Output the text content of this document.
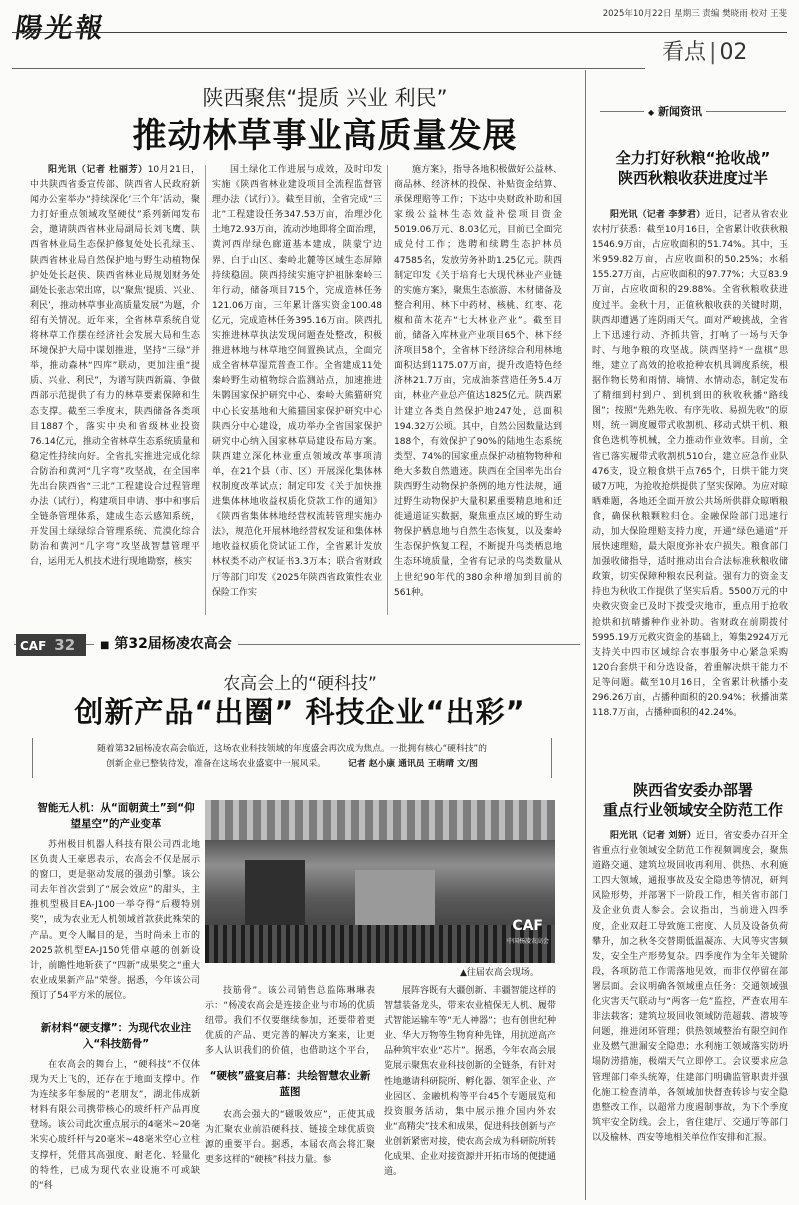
陽光報	2025年10月22日 星期三 责编 樊晓雨 校对 王斐
看点 | 02
陕西聚焦“提质 兴业 利民”
推动林草事业高质量发展
阳光讯（记者 杜丽芳）10月21日，中共陕西省委宣传部、陕西省人民政府新闻办公室举办“持续深化‘三个年’活动，聚力打好重点领域攻坚硬仗”系列新闻发布会，邀请陕西省林业局副局长刘飞鹰、陕西省林业局生态保护修复处处长孔绿玉、陕西省林业局自然保护地与野生动植物保护处处长赵侠、陕西省林业局规划财务处副处长张志荣出席，以“聚焦‘提质、兴业、利民’，推动林草事业高质量发展”为题，介绍有关情况。近年来，全省林草系统自觉将林草工作摆在经济社会发展大局和生态环境保护大局中谋划推进，坚持“三绿”并举，推动森林“四库”联动，更加注重“提质、兴业、利民”，为谱写陕西新篇、争做西部示范提供了有力的林草要素保障和生态支撑。截至三季度末，陕西储备各类项目1887个，落实中央和省级林业投资76.14亿元，推动全省林草生态系统质量和稳定性持续向好。全省扎实推进完成化综合防治和黄河“几字弯”攻坚战，在全国率先出台陕西省“三北”工程建设合过程管理办法（试行），构建项目申请、事中和事后全链条管理体系，建成生态云感知系统，开发国土绿绿综合管理系统、荒漠化综合防治和黄河“几字弯”攻坚战智慧管理平台，运用无人机技术进行现地勘察，核实
国土绿化工作进展与成效，及时印发实施《陕西省林业建设项目全流程监督管理办法（试行）》。截至目前，全省完成“三北”工程建设任务347.53万亩，治理沙化土地72.93万亩，流动沙地即将全面治理，黄河西岸绿色廊道基本建成，陕蒙宁边界、白于山区、秦岭北麓等区域生态屏障持续稳固。陕西持续实施守护祖脉秦岭三年行动，储备项目715个，完成造林任务121.06万亩，三年累计落实资金100.48亿元，完成造林任务395.16万亩。陕西扎实推进林草执法发现问题查处整改，积极推进林地与林草地空间置换试点，全面完成全省林草湿荒普查工作。全省建成11处秦岭野生动植物综合监测站点，加速推进朱鹮国家保护研究中心、秦岭大熊猫研究中心长安基地和大熊猫国家保护研究中心陕西分中心建设，成功举办全省国家保护研究中心纳入国家林草局建设布局方案。陕西建立深化林业重点领域改革事项清单，在21个县（市、区）开展深化集体林权制度改革试点；制定印发《关于加快推进集体林地收益权质化贷款工作的通知》《陕西省集体林地经营权流转管理实施办法》，规范化开展林地经营权发证和集体林地收益权质化贷试证工作，全省累计发放林权类不动产权证书3.3万本；联合省财政厅等部门印发《2025年陕西省政策性农业保险工作实
施方案》，指导各地积极做好公益林、商品林、经济林的投保、补贴资金结算、承保理赔等工作；下达中央财政补助和国家级公益林生态效益补偿项目资金5019.06万元、8.03亿元，目前已全面完成兑付工作；选聘和续聘生态护林员47585名，发放劳务补助1.25亿元。陕西制定印发《关于培育七大现代林业产业链的实施方案》，聚焦生态旅游、木材储备及整合利用、林下中药材、核桃、红枣、花椒和苗木花卉“七大林业产业”。截至目前，储备入库林业产业项目65个、林下经济项目58个，全省林下经济综合利用林地面积达到1175.07万亩，提升改造特色经济林21.7万亩，完成油茶营造任务5.4万亩，林业产业总产值达1825亿元。陕西累计建立各类自然保护地247处，总面积194.32万公顷。其中，自然公园数量达到188个，有效保护了90%的陆地生态系统类型、74%的国家重点保护动植物物种和绝大多数自然遗迹。陕西在全国率先出台陕西野生动物保护条例的地方性法规，通过野生动物保护大量积累重要精息地和迁徙通道证实数据，聚焦重点区域的野生动物保护栖息地与自然生态恢复，以及秦岭生态保护恢复工程，不断提升鸟类栖息地生态环境质量，全省有记录的鸟类数量从上世纪90年代的380余种增加到目前的561种。
◆ 新闻资讯
全力打好秋粮“抢收战”
陕西秋粮收获进度过半
阳光讯（记者 李梦君）近日，记者从省农业农村厅获悉：截至10月16日，全省累计收获秋粮1546.9万亩，占应收面积的51.74%。其中，玉米959.82万亩，占应收面积的50.25%；水稻155.27万亩，占应收面积的97.77%；大豆83.9万亩，占应收面积的29.88%。全省秋粮收获进度过半。金秋十月，正值秋粮收获的关键时期，陕西却遭遇了连阴雨天气。面对严峻挑战，全省上下迅速行动、齐抓共管，打响了一场与天争时、与地争粮的攻坚战。陕西坚持“一盘棋”思维，建立了高效的抢收抢种农机具调度系统，根据作物长势和雨情、墒情、水情动态，制定发布了精细到村到户、到机到田的秋收秋播“路线图”；按照“先熟先收、有序先收、易损先收”的原则，统一调度履带式收割机、移动式烘干机、粮食色选机等机械，全力推动作业效率。目前，全省已落实履带式收割机510台，建立应急作业队476支，设立粮食烘干点765个，日烘干能力突破7万吨，为抢收抢烘提供了坚实保障。为应对晾晒难题，各地还全面开放公共场所供群众晾晒粮食，确保秋粮颗粒归仓。金融保险部门迅速行动，加大保险理赔支持力度，开通“绿色通道”开展快速理赔，最大限度弥补农户损失。粮食部门加强收储指导，适时推动出台合法标准秋粮收储政策，切实保障种粮农民利益。强有力的资金支持也为秋收工作提供了坚实后盾。5500万元的中央救灾资金已及时下拨受灾地市，重点用于抢收抢烘和抗晴播种作业补助。省财政在前期拨付5995.19万元救灾资金的基础上，筹集2924万元支持关中四市区域综合农事服务中心紧急采购120台套烘干和分选设备，着重解决烘干能力不足等问题。截至10月16日，全省累计秋播小麦296.26万亩，占播种面积的20.94%；秋播油菜118.7万亩，占播种面积的42.24%。
陕西省安委办部署
重点行业领域安全防范工作
阳光讯（记者 刘妍）近日，省安委办召开全省重点行业领域安全防范工作视频调度会，聚焦道路交通、建筑垃圾回收再利用、供热、水利施工四大领域，通报事故及安全隐患等情况，研判风险形势，并部署下一阶段工作，相关省市部门及企业负责人参会。会议指出，当前进入四季度，企业双赶工导致施工密度、人员及设备负荷攀升，加之秋冬交替期低温凝冻、大风等灾害频发，安全生产形势复杂。四季度作为全年关键阶段，各项防范工作需落地见效，而非仅停留在部署层面。会议明确各领域重点任务：交通领域强化灾害天气联动与“两客一危”监控，严查农用车非法载客；建筑垃圾回收领域防范超载、潜坡等问题，推进闭环管理；供热领域整治有限空间作业及燃气泄漏安全隐患；水利施工领域落实防坍塌防涝措施，极端天气立即停工。会议要求应急管理部门牵头统筹，住建部门明确监管职责并强化施工检查清单，各领域加快督查转诊与安全隐患整改工作，以超常力度遏制事故，为下个季度筑牢安全防线。会上，省住建厅、交通厅等部门以及榆林、西安等地相关单位作安排和汇报。
CAF 32	■ 第32届杨凌农高会
农高会上的“硬科技”
创新产品“出圈” 科技企业“出彩”
随着第32届杨凌农高会临近，这场农业科技领域的年度盛会再次成为焦点。一批拥有核心“硬科技”的
创新企业已整装待发，准备在这场农业盛宴中一展风采。	记者 赵小康 通讯员 王萌晴 文/图
智能无人机：从“面朝黄土”到“仰望星空”的产业变革
苏州极目机器人科技有限公司西北地区负责人王豪恩表示，农高会不仅是展示的窗口，更是驱动发展的强劲引擎。该公司去年首次尝到了“展会效应”的甜头，主推机型极目EA-J100一举夺得“后稷特别奖”，成为农业无人机领域首款获此殊荣的产品。更令人瞩目的是，当时尚未上市的2025款机型EA-J150凭借卓越的创新设计，前瞻性地斩获了“四新”成果奖之“重大农业成果新产品”荣誉。据悉，今年该公司预订了54平方米的展位。
新材料“硬支撑”：为现代农业注入“科技筋骨”
在农高会的舞台上，“硬科技”不仅体现为天上飞的，还存在于地面支撑中。作为连续多年参展的“老朋友”，湖北伟成新材料有限公司携带核心的玻纤杆产品再度登场。该公司此次重点展示的4毫米~20毫米实心玻纤杆与20毫米~48毫米空心立柱支撑杆，凭借其高强度、耐老化、轻量化的特性，已成为现代农业设施不可或缺的“科
CAF
中国杨凌农高会
▲往届农高会现场。
技筋骨”。该公司销售总监陈琳琳表示：“杨凌农高会是连接企业与市场的优质纽带。我们不仅要继续参加，还要带着更优质的产品、更完善的解决方案来，让更多人认识我们的价值，也借助这个平台，
“硬核”盛宴启幕：共绘智慧农业新蓝图
农高会强大的“磁吸效应”，正使其成为汇聚农业前沿硬科技、链接全球优质资源的重要平台。据悉，本届农高会将汇聚更多这样的“硬核”科技力量。参
展阵容既有大疆创新、丰疆智能这样的智慧装备龙头，带来农业植保无人机、履带式智能运输车等“无人神器”；也有创世纪种业、华大万物等生物育种先锋，用抗逆高产品种筑牢农业“芯片”。据悉，今年农高会展览展示聚焦农业科技创新的全链条，有针对性地邀请科研院所、孵化器、领军企业、产业园区、金融机构等平台45个专题展览和投资服务活动，集中展示推介国内外农业“高精尖”技术和成果，促进科技创新与产业创新紧密对接，使农高会成为科研院所转化成果、企业对接资源并开拓市场的便捷通道。
